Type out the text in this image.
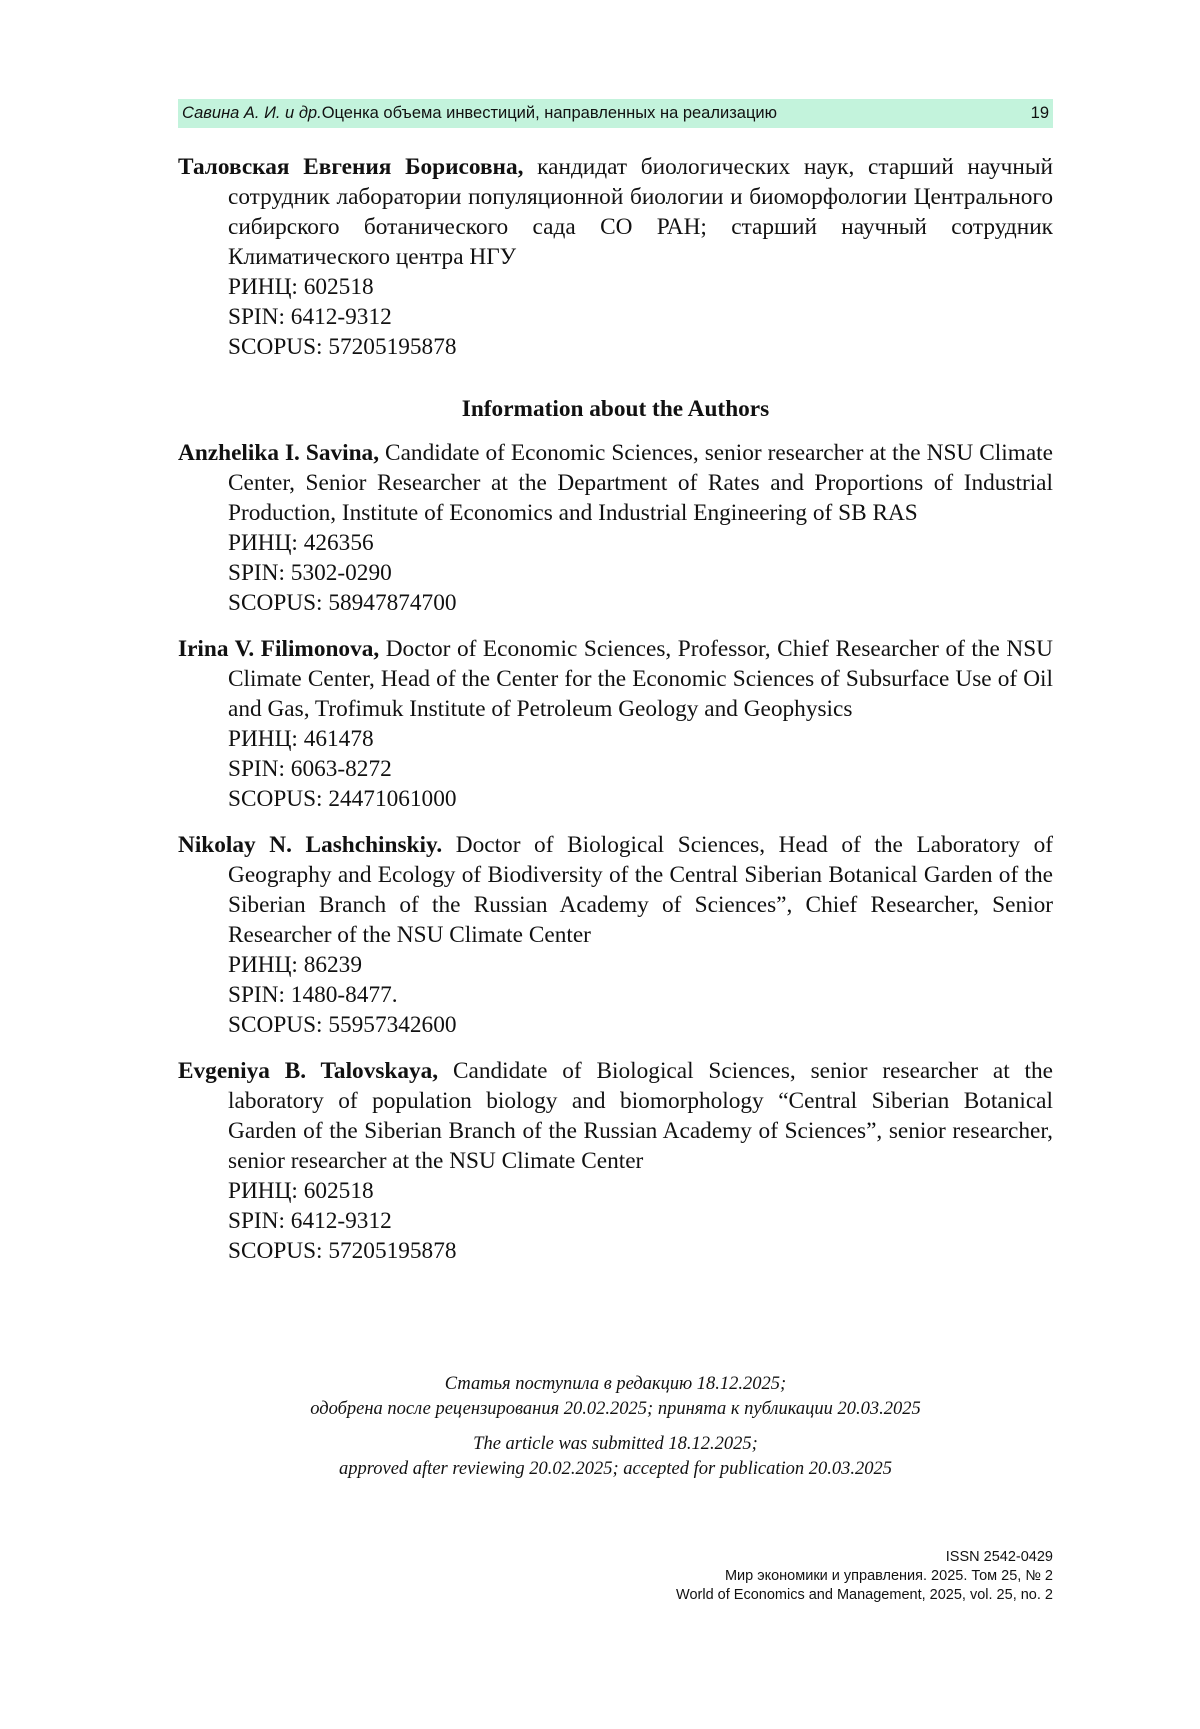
Савина А. И. и др. Оценка объема инвестиций, направленных на реализацию	19
Таловская Евгения Борисовна, кандидат биологических наук, старший научный сотрудник лаборатории популяционной биологии и биоморфологии Центрального сибирского ботанического сада СО РАН; старший научный сотрудник Климатического центра НГУ
РИНЦ: 602518
SPIN: 6412-9312
SCOPUS: 57205195878
Information about the Authors
Anzhelika I. Savina, Candidate of Economic Sciences, senior researcher at the NSU Climate Center, Senior Researcher at the Department of Rates and Proportions of Industrial Production, Institute of Economics and Industrial Engineering of SB RAS
РИНЦ: 426356
SPIN: 5302-0290
SCOPUS: 58947874700
Irina V. Filimonova, Doctor of Economic Sciences, Professor, Chief Researcher of the NSU Climate Center, Head of the Center for the Economic Sciences of Subsurface Use of Oil and Gas, Trofimuk Institute of Petroleum Geology and Geophysics
РИНЦ: 461478
SPIN: 6063-8272
SCOPUS: 24471061000
Nikolay N. Lashchinskiy. Doctor of Biological Sciences, Head of the Laboratory of Geography and Ecology of Biodiversity of the Central Siberian Botanical Garden of the Siberian Branch of the Russian Academy of Sciences”, Chief Researcher, Senior Researcher of the NSU Climate Center
РИНЦ: 86239
SPIN: 1480-8477.
SCOPUS: 55957342600
Evgeniya B. Talovskaya, Candidate of Biological Sciences, senior researcher at the laboratory of population biology and biomorphology “Central Siberian Botanical Garden of the Siberian Branch of the Russian Academy of Sciences”, senior researcher, senior researcher at the NSU Climate Center
РИНЦ: 602518
SPIN: 6412-9312
SCOPUS: 57205195878
Статья поступила в редакцию 18.12.2025;
одобрена после рецензирования 20.02.2025; принята к публикации 20.03.2025
The article was submitted 18.12.2025;
approved after reviewing 20.02.2025; accepted for publication 20.03.2025
ISSN 2542-0429
Мир экономики и управления. 2025. Том 25, № 2
World of Economics and Management, 2025, vol. 25, no. 2
